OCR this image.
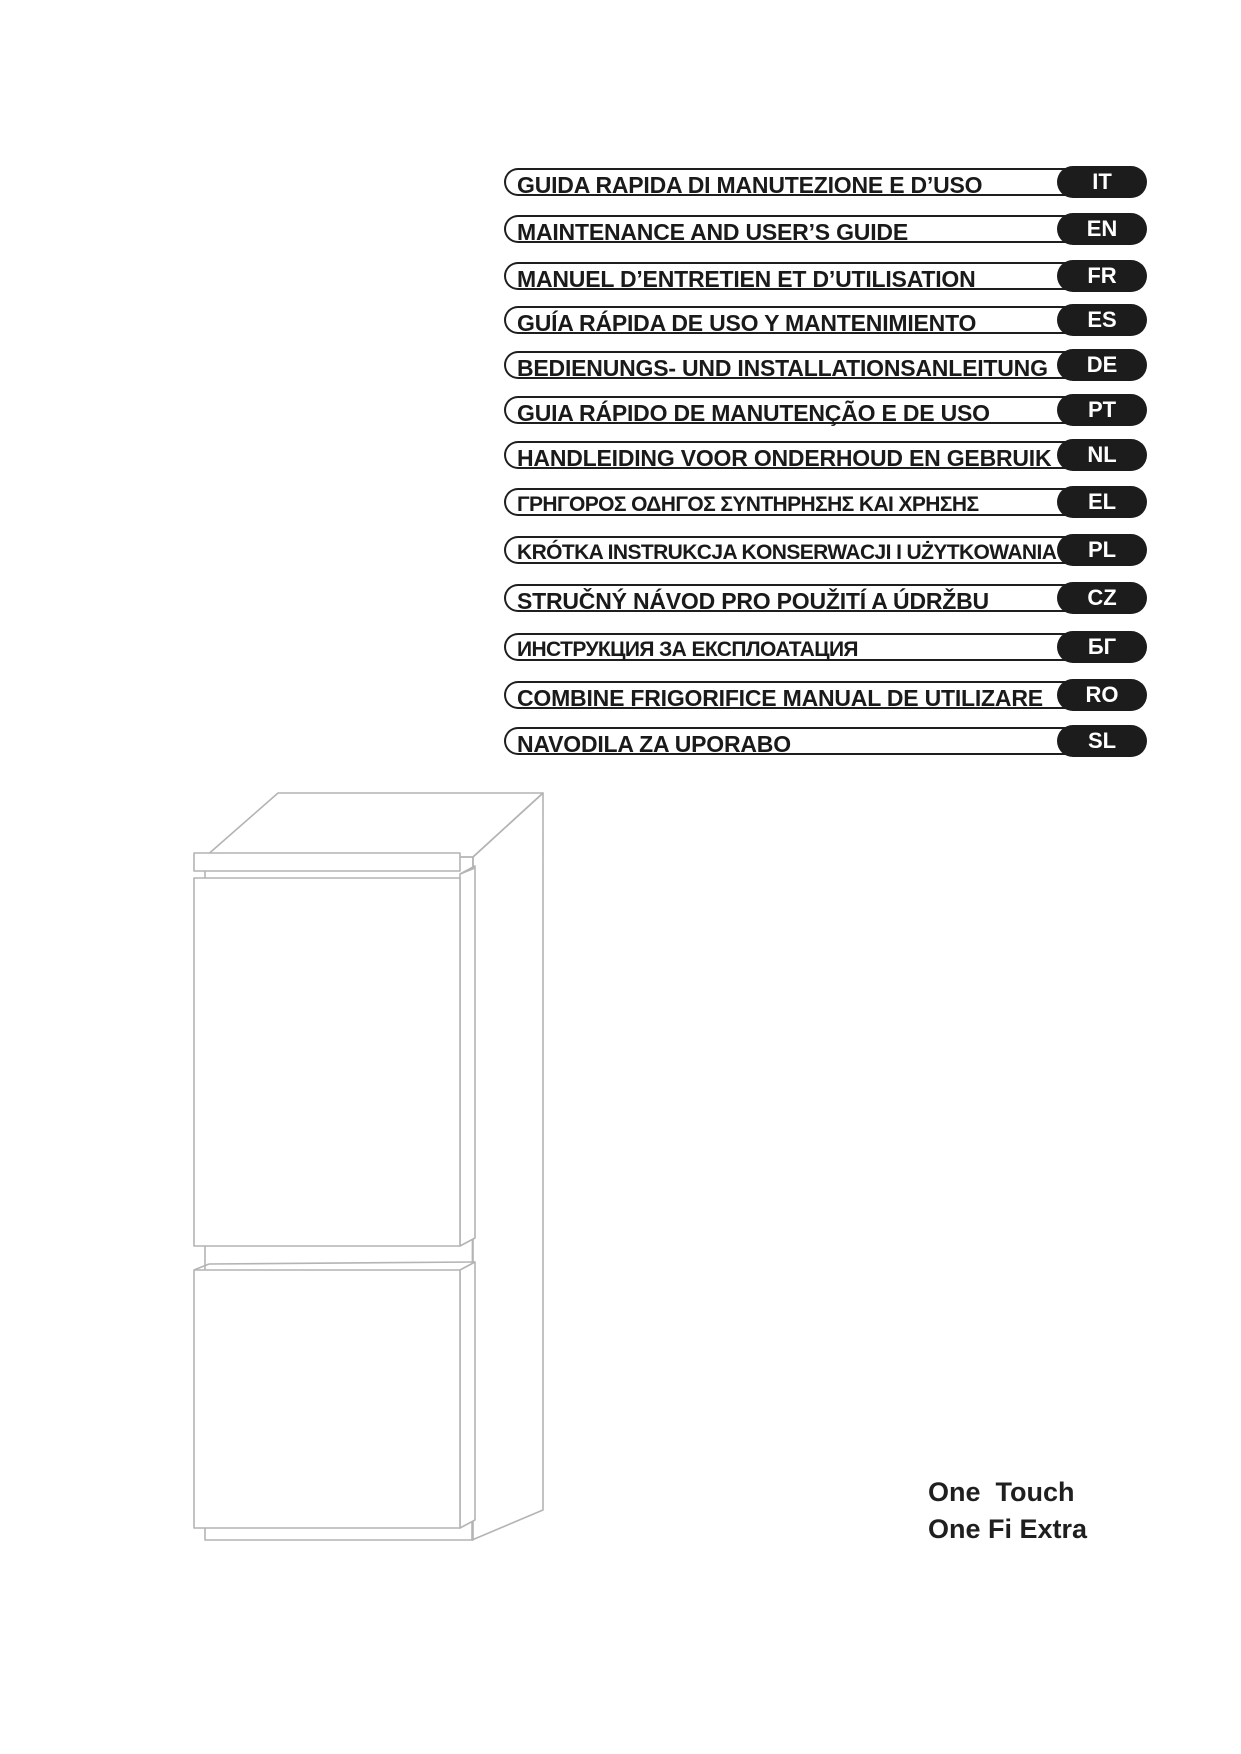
GUIDA RAPIDA DI MANUTEZIONE E D’USO	IT
MAINTENANCE AND USER’S GUIDE	EN
MANUEL D’ENTRETIEN ET D’UTILISATION	FR
GUÍA RÁPIDA DE USO Y MANTENIMIENTO	ES
BEDIENUNGS- UND INSTALLATIONSANLEITUNG	DE
GUIA RÁPIDO DE MANUTENÇÃO E DE USO	PT
HANDLEIDING VOOR ONDERHOUD EN GEBRUIK	NL
ΓΡΗΓΟΡΟΣ ΟΔΗΓΟΣ ΣΥΝΤΗΡΗΣΗΣ ΚΑΙ ΧΡΗΣΗΣ	EL
KRÓTKA INSTRUKCJA KONSERWACJI I UŻYTKOWANIA	PL
STRUČNÝ NÁVOD PRO POUŽITÍ A ÚDRŽBU	CZ
ИНСТРУКЦИЯ ЗА ЕКСПЛОАТАЦИЯ	БГ
COMBINE FRIGORIFICE MANUAL DE UTILIZARE	RO
NAVODILA ZA UPORABO	SL
One  Touch
One Fi Extra
